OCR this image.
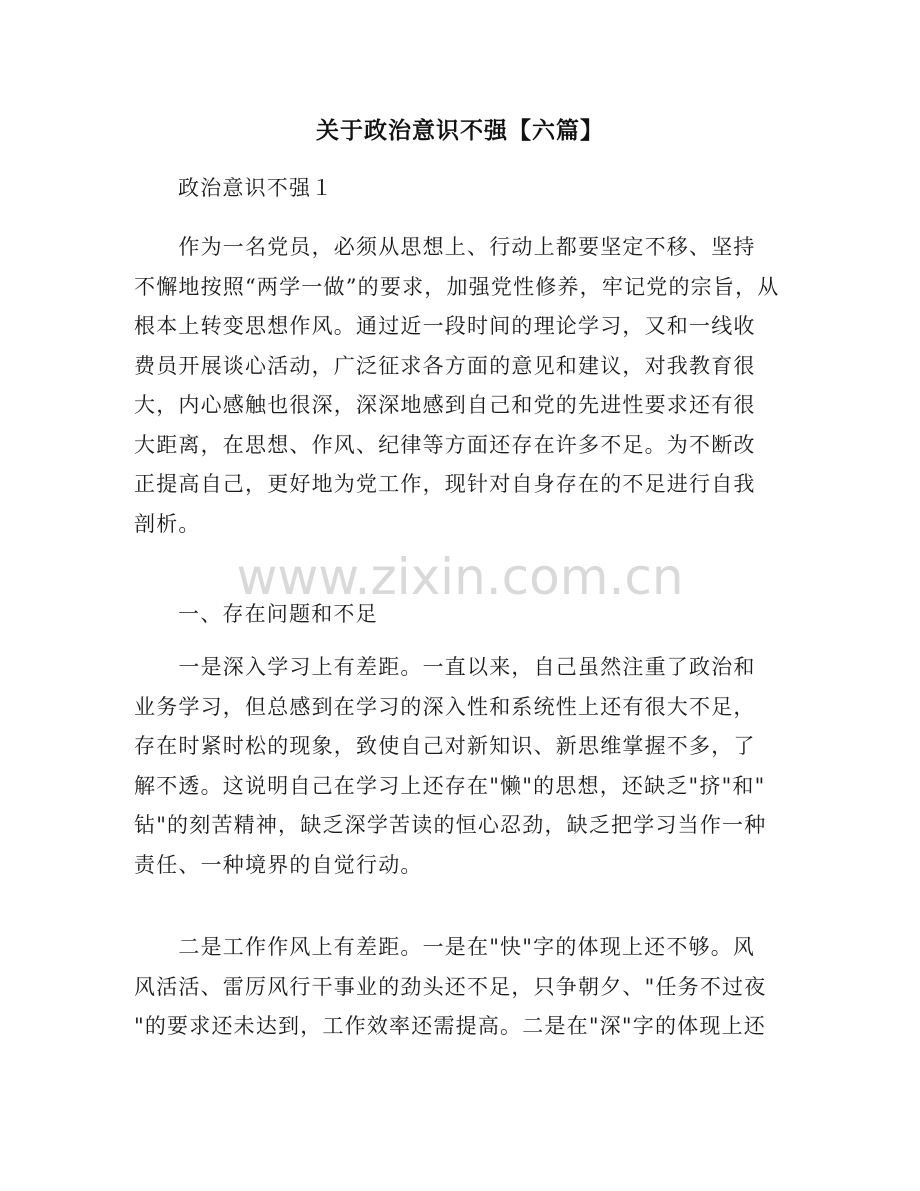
关于政治意识不强【六篇】
政治意识不强１
　　作为一名党员，必须从思想上、行动上都要坚定不移、坚持
不懈地按照“两学一做”的要求，加强党性修养，牢记党的宗旨，从
根本上转变思想作风。通过近一段时间的理论学习，又和一线收
费员开展谈心活动，广泛征求各方面的意见和建议，对我教育很
大，内心感触也很深，深深地感到自己和党的先进性要求还有很
大距离，在思想、作风、纪律等方面还存在许多不足。为不断改
正提高自己，更好地为党工作，现针对自身存在的不足进行自我
剖析。
www.zixin.com.cn
一、存在问题和不足
　　一是深入学习上有差距。一直以来，自己虽然注重了政治和
业务学习，但总感到在学习的深入性和系统性上还有很大不足，
存在时紧时松的现象，致使自己对新知识、新思维掌握不多，了
解不透。这说明自己在学习上还存在"懒"的思想，还缺乏"挤"和"
钻"的刻苦精神，缺乏深学苦读的恒心忍劲，缺乏把学习当作一种
责任、一种境界的自觉行动。
　　二是工作作风上有差距。一是在"快"字的体现上还不够。风
风活活、雷厉风行干事业的劲头还不足，只争朝夕、"任务不过夜
"的要求还未达到，工作效率还需提高。二是在"深"字的体现上还
